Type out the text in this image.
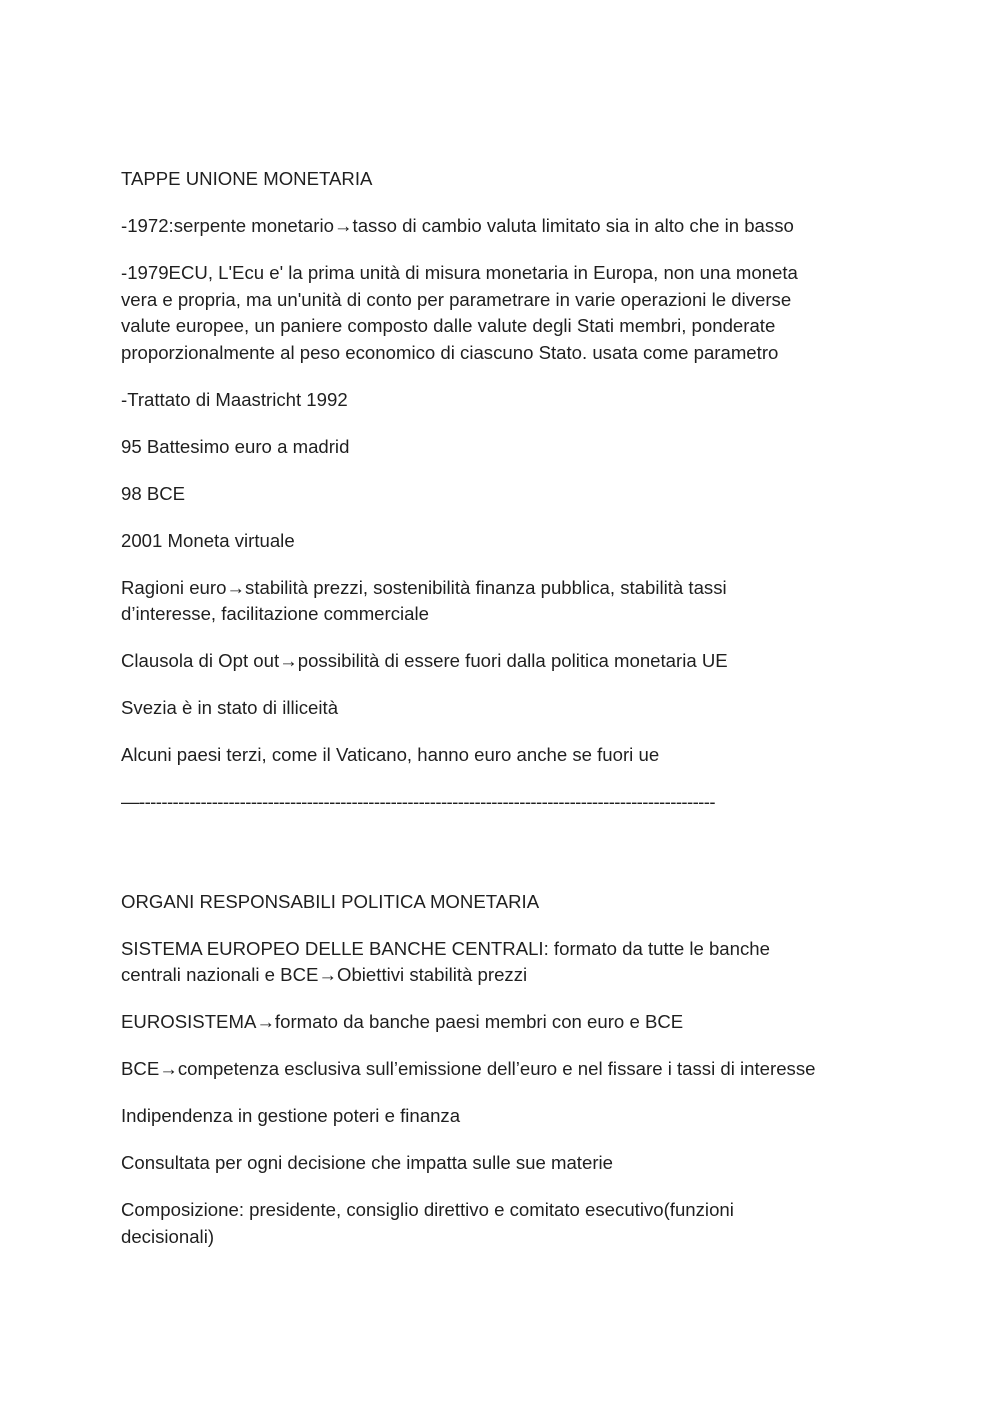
TAPPE UNIONE MONETARIA

-1972:serpente monetario→tasso di cambio valuta limitato sia in alto che in basso

-1979ECU, L'Ecu e' la prima unità di misura monetaria in Europa, non una moneta
vera e propria, ma un'unità di conto per parametrare in varie operazioni le diverse
valute europee, un paniere composto dalle valute degli Stati membri, ponderate
proporzionalmente al peso economico di ciascuno Stato. usata come parametro

-Trattato di Maastricht 1992

95 Battesimo euro a madrid

98 BCE

2001 Moneta virtuale

Ragioni euro→stabilità prezzi, sostenibilità finanza pubblica, stabilità tassi
d’interesse, facilitazione commerciale

Clausola di Opt out→possibilità di essere fuori dalla politica monetaria UE

Svezia è in stato di illiceità

Alcuni paesi terzi, come il Vaticano, hanno euro anche se fuori ue

—-------------------------------------------------------------------------------------------------------

ORGANI RESPONSABILI POLITICA MONETARIA

SISTEMA EUROPEO DELLE BANCHE CENTRALI: formato da tutte le banche
centrali nazionali e BCE→Obiettivi stabilità prezzi

EUROSISTEMA→formato da banche paesi membri con euro e BCE

BCE→competenza esclusiva sull’emissione dell’euro e nel fissare i tassi di interesse

Indipendenza in gestione poteri e finanza

Consultata per ogni decisione che impatta sulle sue materie

Composizione: presidente, consiglio direttivo e comitato esecutivo(funzioni
decisionali)
